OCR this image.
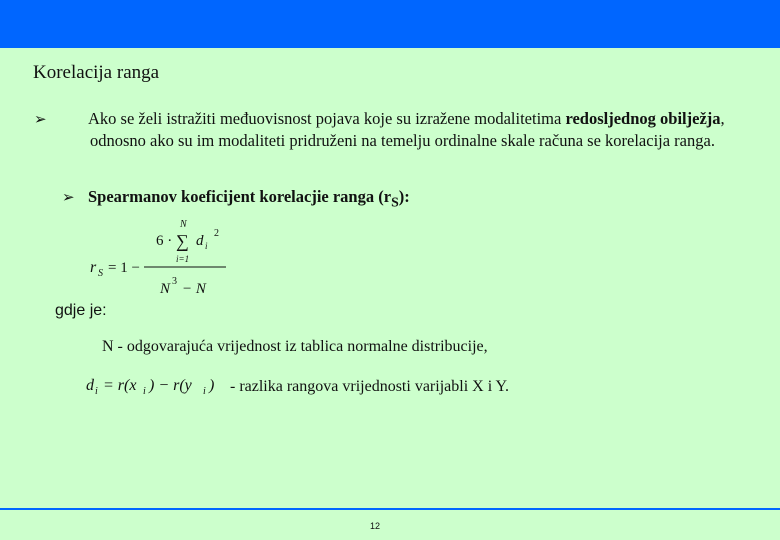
Korelacija ranga
➢	Ako se želi istražiti međuovisnost pojava koje su izražene modalitetima redosljednog obilježja, odnosno ako su im modaliteti pridruženi na temelju ordinalne skale računa se korelacija ranga.
➢ Spearmanov koeficijent korelacjie ranga $(r_S)$:
r S = 1 −
6 ·
N
∑
i=1
d i
2
N 3 − N
gdje je:
N - odgovarajuća vrijednost iz tablica normalne distribucije,
d i = r(x i ) − r(y i ) - razlika rangova vrijednosti varijabli X i Y.
12
